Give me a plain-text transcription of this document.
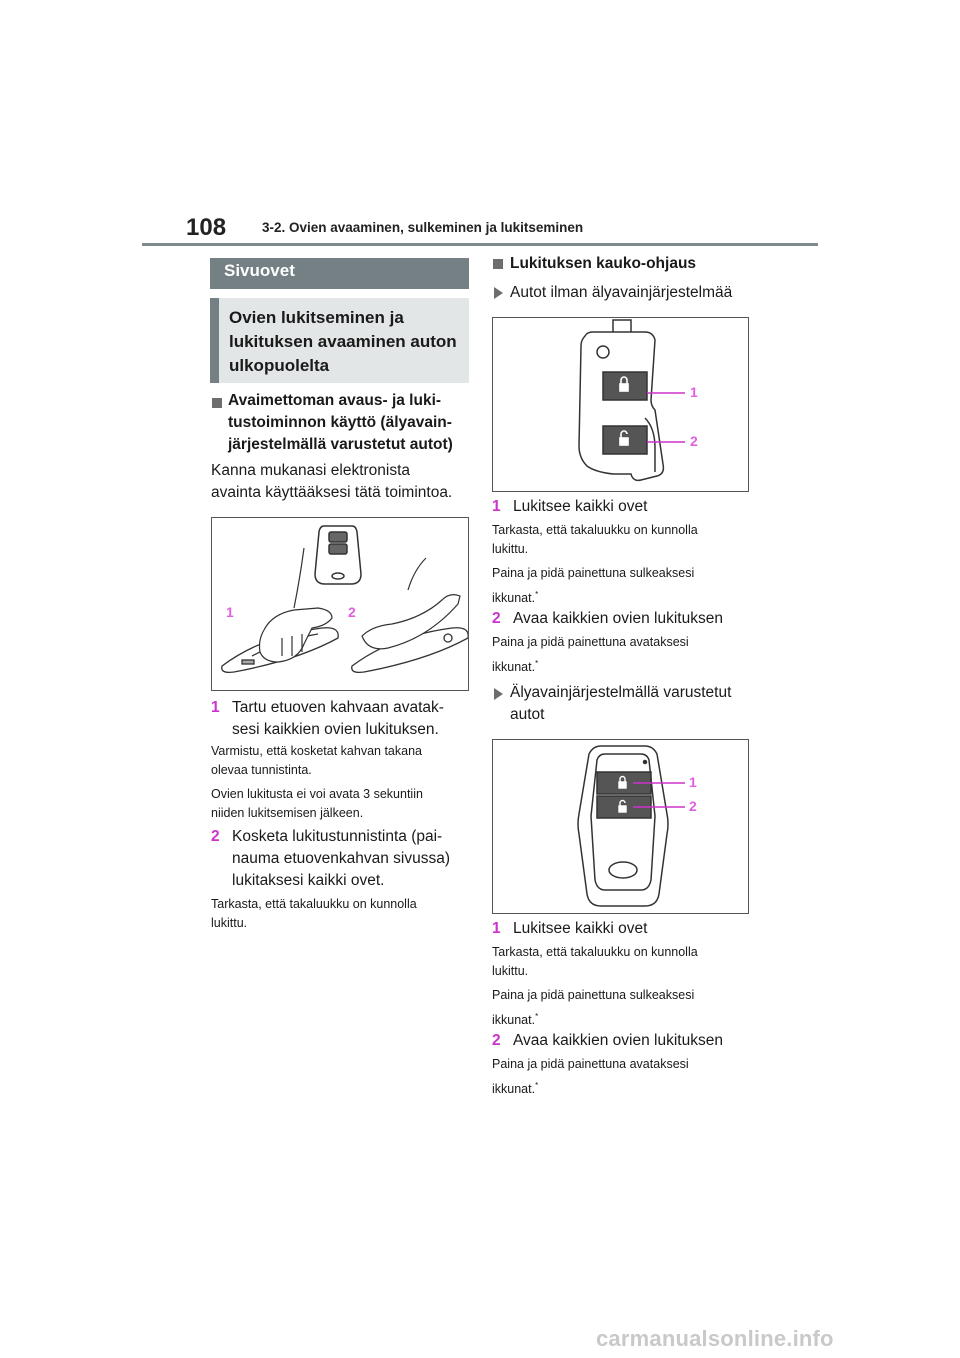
108	3-2. Ovien avaaminen, sulkeminen ja lukitseminen
Sivuovet
Ovien lukitseminen ja lukituksen avaaminen auton ulkopuolelta
Avaimettoman avaus- ja luki-
tustoiminnon käyttö (älyavain-
järjestelmällä varustetut autot)
Kanna mukanasi elektronista
avainta käyttääksesi tätä toimintoa.
1	2
1 Tartu etuoven kahvaan avatak-
sesi kaikkien ovien lukituksen.
Varmistu, että kosketat kahvan takana
olevaa tunnistinta.
Ovien lukitusta ei voi avata 3 sekuntiin
niiden lukitsemisen jälkeen.
2 Kosketa lukitustunnistinta (pai-
nauma etuovenkahvan sivussa)
lukitaksesi kaikki ovet.
Tarkasta, että takaluukku on kunnolla
lukittu.
Lukituksen kauko-ohjaus
Autot ilman älyavainjärjestelmää
1
2
1 Lukitsee kaikki ovet
Tarkasta, että takaluukku on kunnolla
lukittu.
Paina ja pidä painettuna sulkeaksesi
ikkunat.*
2 Avaa kaikkien ovien lukituksen
Paina ja pidä painettuna avataksesi
ikkunat.*
Älyavainjärjestelmällä varustetut
autot
1
2
1 Lukitsee kaikki ovet
Tarkasta, että takaluukku on kunnolla
lukittu.
Paina ja pidä painettuna sulkeaksesi
ikkunat.*
2 Avaa kaikkien ovien lukituksen
Paina ja pidä painettuna avataksesi
ikkunat.*
carmanualsonline.info
